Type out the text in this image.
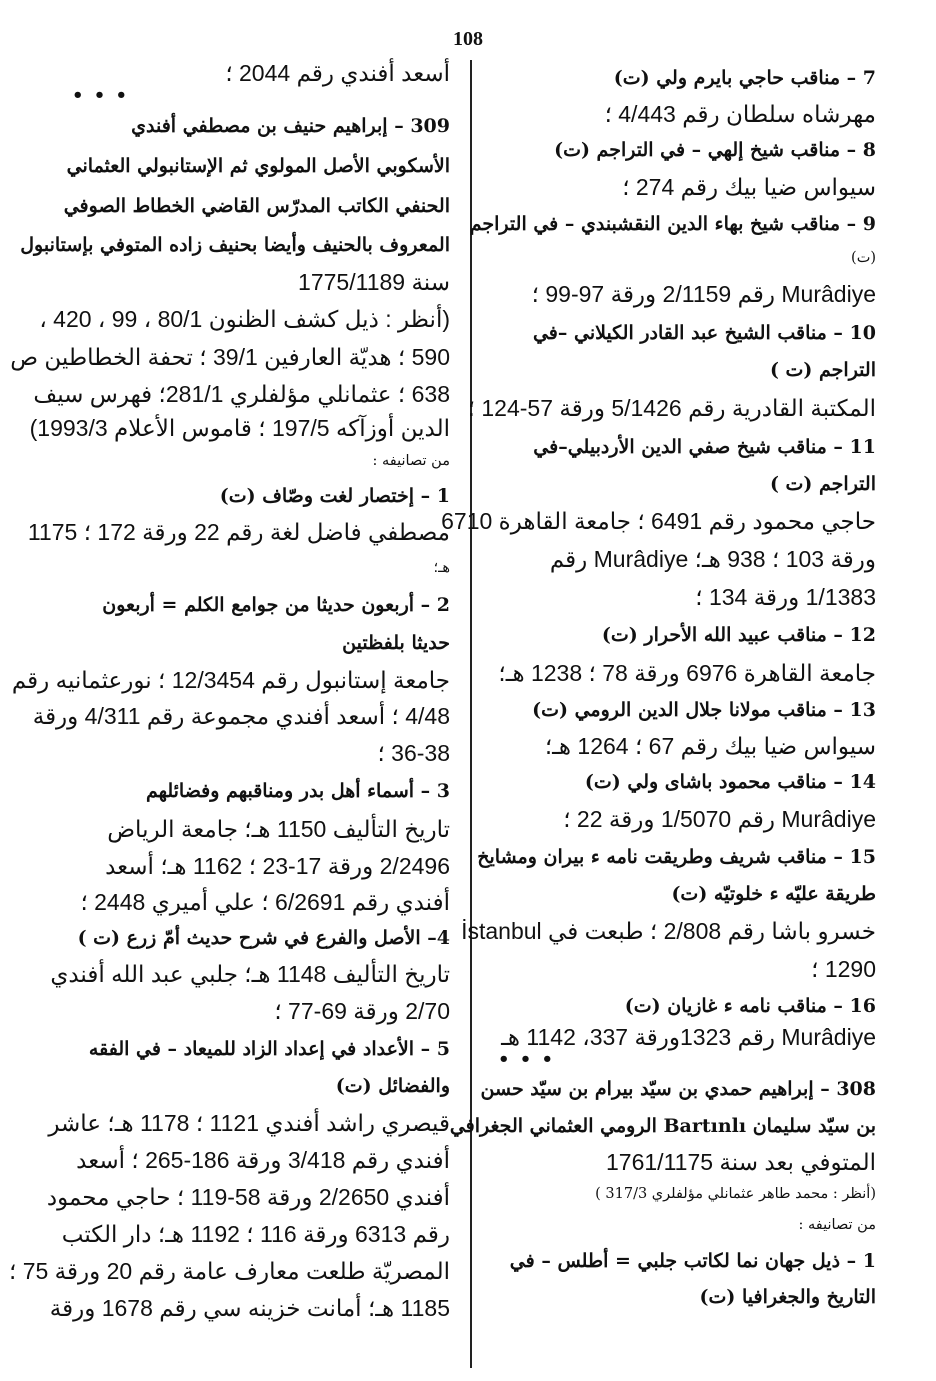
108
7 – مناقب حاجي بايرم ولي (ت)
مهرشاه سلطان رقم 4/443 ؛
8 – مناقب شيخ إلهي – في التراجم (ت)
سيواس ضيا بيك رقم 274 ؛
9 – مناقب شيخ بهاء الدين النقشبندي – في التراجم
(ت)
Murâdiye رقم 2/1159 ورقة 97-99 ؛
10 – مناقب الشيخ عبد القادر الكيلاني –في
التراجم (ت )
المكتبة القادرية رقم 5/1426 ورقة 57-124 ؛
11 – مناقب شيخ صفي الدين الأردبيلي–في
التراجم (ت )
حاجي محمود رقم 6491 ؛ جامعة القاهرة 6710
ورقة 103 ؛ 938 هـ؛ Murâdiye رقم
1/1383 ورقة 134 ؛
12 – مناقب عبيد الله الأحرار (ت)
جامعة القاهرة 6976 ورقة 78 ؛ 1238 هـ؛
13 – مناقب مولانا جلال الدين الرومي (ت)
سيواس ضيا بيك رقم 67 ؛ 1264 هـ؛
14 – مناقب محمود باشاى ولي (ت)
Murâdiye رقم 1/5070 ورقة 22 ؛
15 – مناقب شريف وطريقت نامه ء بيران ومشايخ
طريقة عليّه ء خلوتيّه (ت)
خسرو باشا رقم 2/808 ؛ طبعت في İstanbul
1290 ؛
16 – مناقب نامه ء غازيان (ت)
Murâdiye رقم 1323ورقة 337، 1142 هـ
• • •
308 – إبراهيم حمدي بن سيّد بيرام بن سيّد حسن
بن سيّد سليمان Bartınlı الرومي العثماني الجغرافي
المتوفي بعد سنة 1761/1175
(أنظر : محمد طاهر عثمانلي مؤلفلري 317/3 )
من تصانيفه :
1 – ذيل جهان نما لكاتب جلبي = أطلس – في
التاريخ والجغرافيا (ت)
أسعد أفندي رقم 2044 ؛
• • •
309 – إبراهيم حنيف بن مصطفي أفندي
الأسكوبي الأصل المولوي ثم الإستانبولي العثماني
الحنفي الكاتب المدرّس القاضي الخطاط الصوفي
المعروف بالحنيف وأيضا بحنيف زاده المتوفي بإستانبول
سنة 1775/1189
(أنظر : ذيل كشف الظنون 80/1 ، 99 ، 420 ،
590 ؛ هديّة العارفين 39/1 ؛ تحفة الخطاطين ص
638 ؛ عثمانلي مؤلفلري 281/1؛ فهرس سيف
الدين أوزآكه 197/5 ؛ قاموس الأعلام 1993/3)
من تصانيفه :
1 – إختصار لغت وصّاف (ت)
مصطفي فاضل لغة رقم 22 ورقة 172 ؛ 1175
هـ؛
2 – أربعون حديثا من جوامع الكلم = أربعون
حديثا بلفظتين
جامعة إستانبول رقم 12/3454 ؛ نورعثمانيه رقم
4/48 ؛ أسعد أفندي مجموعة رقم 4/311 ورقة
36-38 ؛
3 – أسماء أهل بدر ومناقبهم وفضائلهم
تاريخ التأليف 1150 هـ؛ جامعة الرياض
2/2496 ورقة 17-23 ؛ 1162 هـ؛ أسعد
أفندي رقم 6/2691 ؛ علي أميري 2448 ؛
4– الأصل والفرع في شرح حديث أمّ زرع (ت )
تاريخ التأليف 1148 هـ؛ جلبي عبد الله أفندي
2/70 ورقة 69-77 ؛
5 – الأعداد في إعداد الزاد للميعاد – في الفقه
والفضائل (ت)
قيصري راشد أفندي 1121 ؛ 1178 هـ؛ عاشر
أفندي رقم 3/418 ورقة 186-265 ؛ أسعد
أفندي 2/2650 ورقة 58-119 ؛ حاجي محمود
رقم 6313 ورقة 116 ؛ 1192 هـ؛ دار الكتب
المصريّة طلعت معارف عامة رقم 20 ورقة 75 ؛
1185 هـ؛ أمانت خزينه سي رقم 1678 ورقة
